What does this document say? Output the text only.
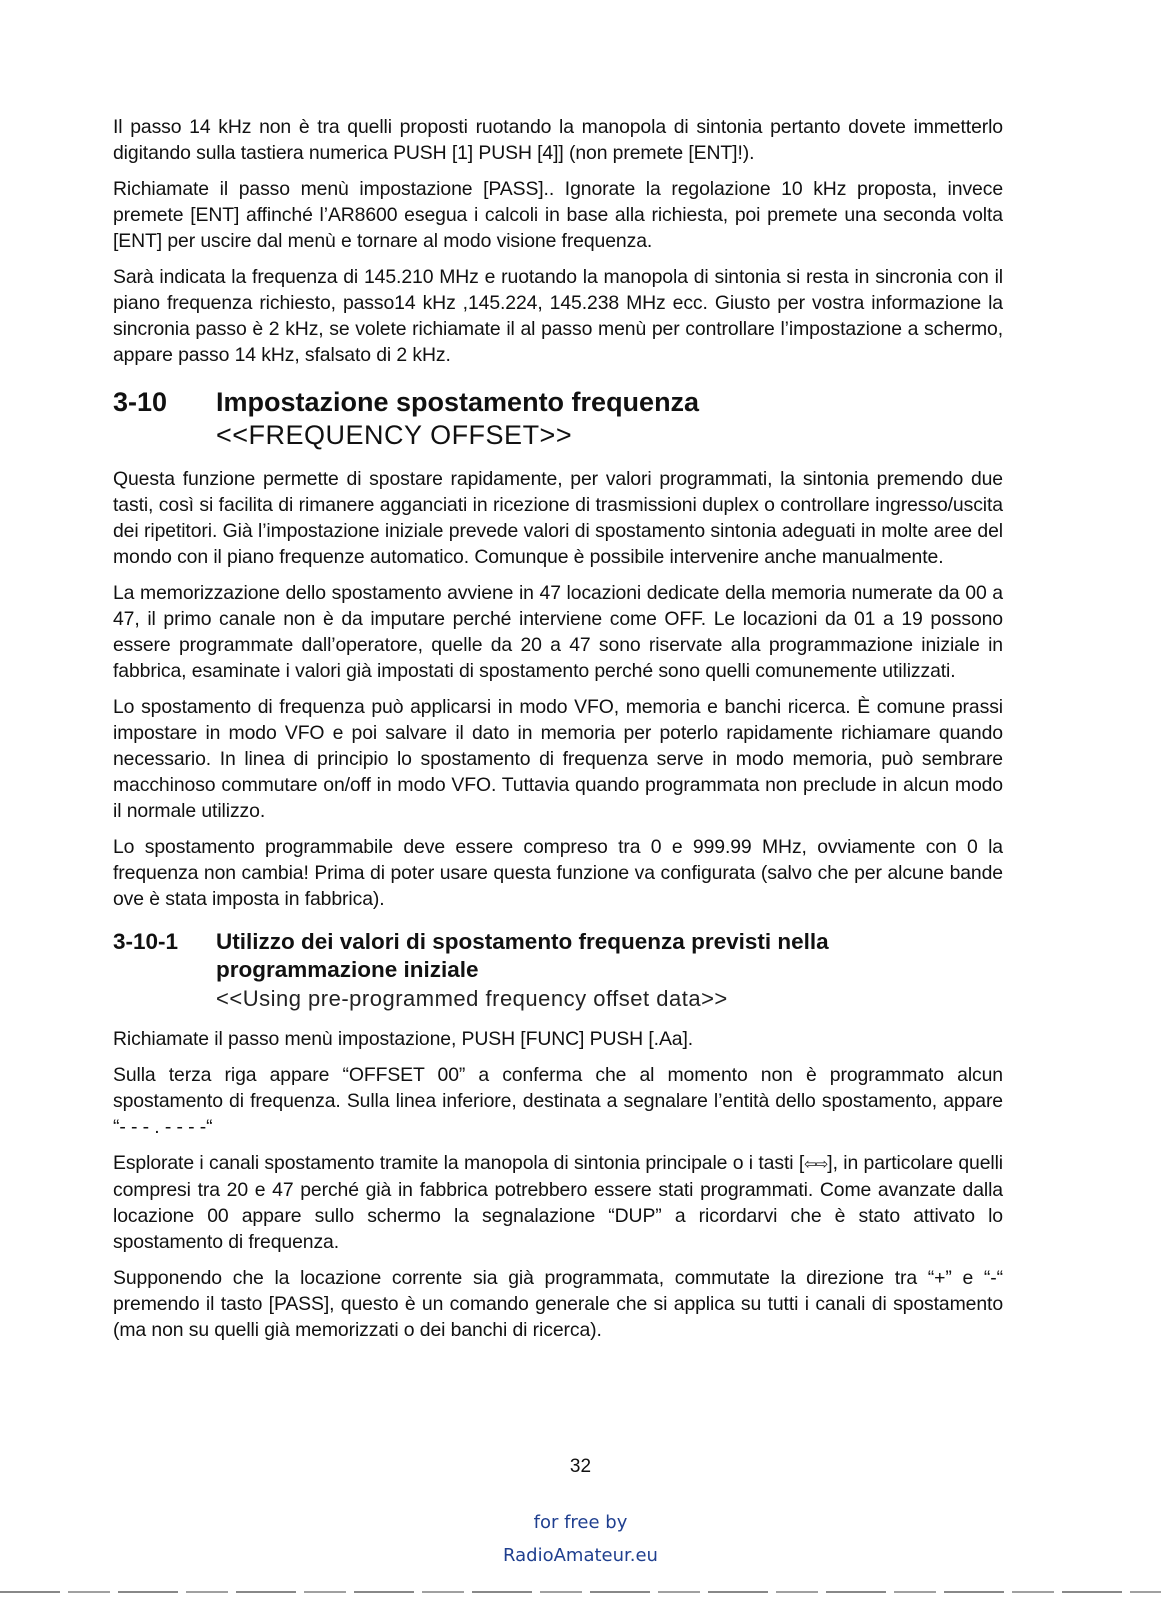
Il passo 14 kHz non è tra quelli proposti ruotando la manopola di sintonia pertanto dovete immetterlo digitando sulla tastiera numerica PUSH [1] PUSH [4]] (non premete [ENT]!).

Richiamate il passo menù impostazione [PASS].. Ignorate la regolazione 10 kHz proposta, invece premete [ENT] affinché l’AR8600 esegua i calcoli in base alla richiesta, poi premete una seconda volta [ENT] per uscire dal menù e tornare al modo visione frequenza.

Sarà indicata la frequenza di 145.210 MHz e ruotando la manopola di sintonia si resta in sincronia con il piano frequenza richiesto, passo14 kHz ,145.224, 145.238 MHz ecc. Giusto per vostra informazione la sincronia passo è 2 kHz, se volete richiamate il al passo menù per controllare l’impostazione a schermo, appare passo 14 kHz, sfalsato di 2 kHz.

3-10 Impostazione spostamento frequenza
<<FREQUENCY OFFSET>>

Questa funzione permette di spostare rapidamente, per valori programmati, la sintonia premendo due tasti, così si facilita di rimanere agganciati in ricezione di trasmissioni duplex o controllare ingresso/uscita dei ripetitori. Già l’impostazione iniziale prevede valori di spostamento sintonia adeguati in molte aree del mondo con il piano frequenze automatico. Comunque è possibile intervenire anche manualmente.

La memorizzazione dello spostamento avviene in 47 locazioni dedicate della memoria numerate da 00 a 47, il primo canale non è da imputare perché interviene come OFF. Le locazioni da 01 a 19 possono essere programmate dall’operatore, quelle da 20 a 47 sono riservate alla programmazione iniziale in fabbrica, esaminate i valori già impostati di spostamento perché sono quelli comunemente utilizzati.

Lo spostamento di frequenza può applicarsi in modo VFO, memoria e banchi ricerca. È comune prassi impostare in modo VFO e poi salvare il dato in memoria per poterlo rapidamente richiamare quando necessario. In linea di principio lo spostamento di frequenza serve in modo memoria, può sembrare macchinoso commutare on/off in modo VFO. Tuttavia quando programmata non preclude in alcun modo il normale utilizzo.

Lo spostamento programmabile deve essere compreso tra 0 e 999.99 MHz, ovviamente con 0 la frequenza non cambia! Prima di poter usare questa funzione va configurata (salvo che per alcune bande ove è stata imposta in fabbrica).

3-10-1 Utilizzo dei valori di spostamento frequenza previsti nella programmazione iniziale
<<Using pre-programmed frequency offset data>>

Richiamate il passo menù impostazione, PUSH [FUNC] PUSH [.Aa].

Sulla terza riga appare “OFFSET 00” a conferma che al momento non è programmato alcun spostamento di frequenza. Sulla linea inferiore, destinata a segnalare l’entità dello spostamento, appare “- - - . - - - -“

Esplorate i canali spostamento tramite la manopola di sintonia principale o i tasti [⇦⇨], in particolare quelli compresi tra 20 e 47 perché già in fabbrica potrebbero essere stati programmati. Come avanzate dalla locazione 00 appare sullo schermo la segnalazione “DUP” a ricordarvi che è stato attivato lo spostamento di frequenza.

Supponendo che la locazione corrente sia già programmata, commutate la direzione tra “+” e “-“ premendo il tasto [PASS], questo è un comando generale che si applica su tutti i canali di spostamento (ma non su quelli già memorizzati o dei banchi di ricerca).

32
for free by
RadioAmateur.eu
